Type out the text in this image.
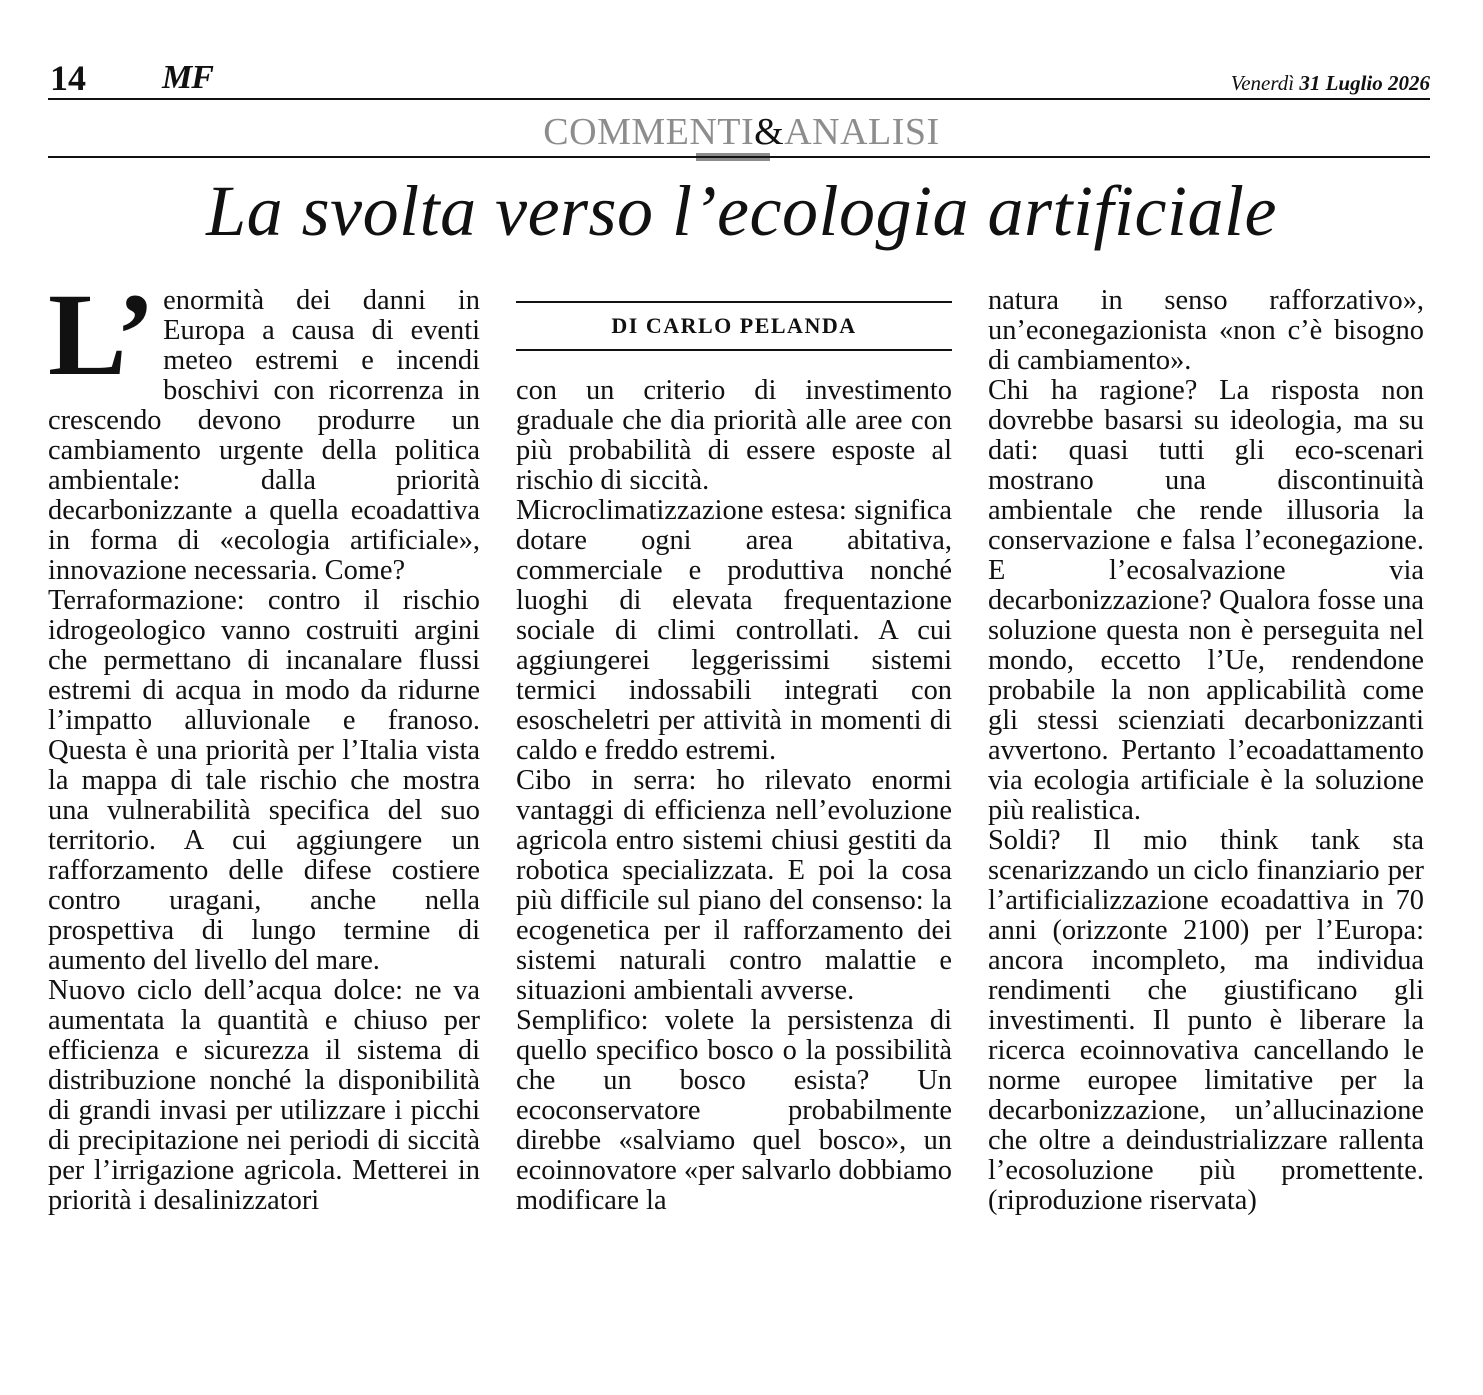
14 MF	Venerdì 31 Luglio 2026
COMMENTI&ANALISI
La svolta verso l’ecologia artificiale
L’ enormità dei danni in Europa a causa di eventi meteo estremi e incendi boschivi con ricorrenza in crescendo devono produrre un cambiamento urgente della politica ambientale: dalla priorità decarbonizzante a quella ecoadattiva in forma di «ecologia artificiale», innovazione necessaria. Come?

Terraformazione: contro il rischio idrogeologico vanno costruiti argini che permettano di incanalare flussi estremi di acqua in modo da ridurne l’impatto alluvionale e franoso. Questa è una priorità per l’Italia vista la mappa di tale rischio che mostra una vulnerabilità specifica del suo territorio. A cui aggiungere un rafforzamento delle difese costiere contro uragani, anche nella prospettiva di lungo termine di aumento del livello del mare.

Nuovo ciclo dell’acqua dolce: ne va aumentata la quantità e chiuso per efficienza e sicurezza il sistema di distribuzione nonché la disponibilità di grandi invasi per utilizzare i picchi di precipitazione nei periodi di siccità per l’irrigazione agricola. Metterei in priorità i desalinizzatori

DI CARLO PELANDA

con un criterio di investimento graduale che dia priorità alle aree con più probabilità di essere esposte al rischio di siccità.

Microclimatizzazione estesa: significa dotare ogni area abitativa, commerciale e produttiva nonché luoghi di elevata frequentazione sociale di climi controllati. A cui aggiungerei leggerissimi sistemi termici indossabili integrati con esoscheletri per attività in momenti di caldo e freddo estremi.

Cibo in serra: ho rilevato enormi vantaggi di efficienza nell’evoluzione agricola entro sistemi chiusi gestiti da robotica specializzata. E poi la cosa più difficile sul piano del consenso: la ecogenetica per il rafforzamento dei sistemi naturali contro malattie e situazioni ambientali avverse.

Semplifico: volete la persistenza di quello specifico bosco o la possibilità che un bosco esista? Un ecoconservatore probabilmente direbbe «salviamo quel bosco», un ecoinnovatore «per salvarlo dobbiamo modificare la

natura in senso rafforzativo», un’econegazionista «non c’è bisogno di cambiamento».

Chi ha ragione? La risposta non dovrebbe basarsi su ideologia, ma su dati: quasi tutti gli eco-scenari mostrano una discontinuità ambientale che rende illusoria la conservazione e falsa l’econegazione. E l’ecosalvazione via decarbonizzazione? Qualora fosse una soluzione questa non è perseguita nel mondo, eccetto l’Ue, rendendone probabile la non applicabilità come gli stessi scienziati decarbonizzanti avvertono. Pertanto l’ecoadattamento via ecologia artificiale è la soluzione più realistica.

Soldi? Il mio think tank sta scenarizzando un ciclo finanziario per l’artificializzazione ecoadattiva in 70 anni (orizzonte 2100) per l’Europa: ancora incompleto, ma individua rendimenti che giustificano gli investimenti. Il punto è liberare la ricerca ecoinnovativa cancellando le norme europee limitative per la decarbonizzazione, un’allucinazione che oltre a deindustrializzare rallenta l’ecosoluzione più promettente. (riproduzione riservata)
